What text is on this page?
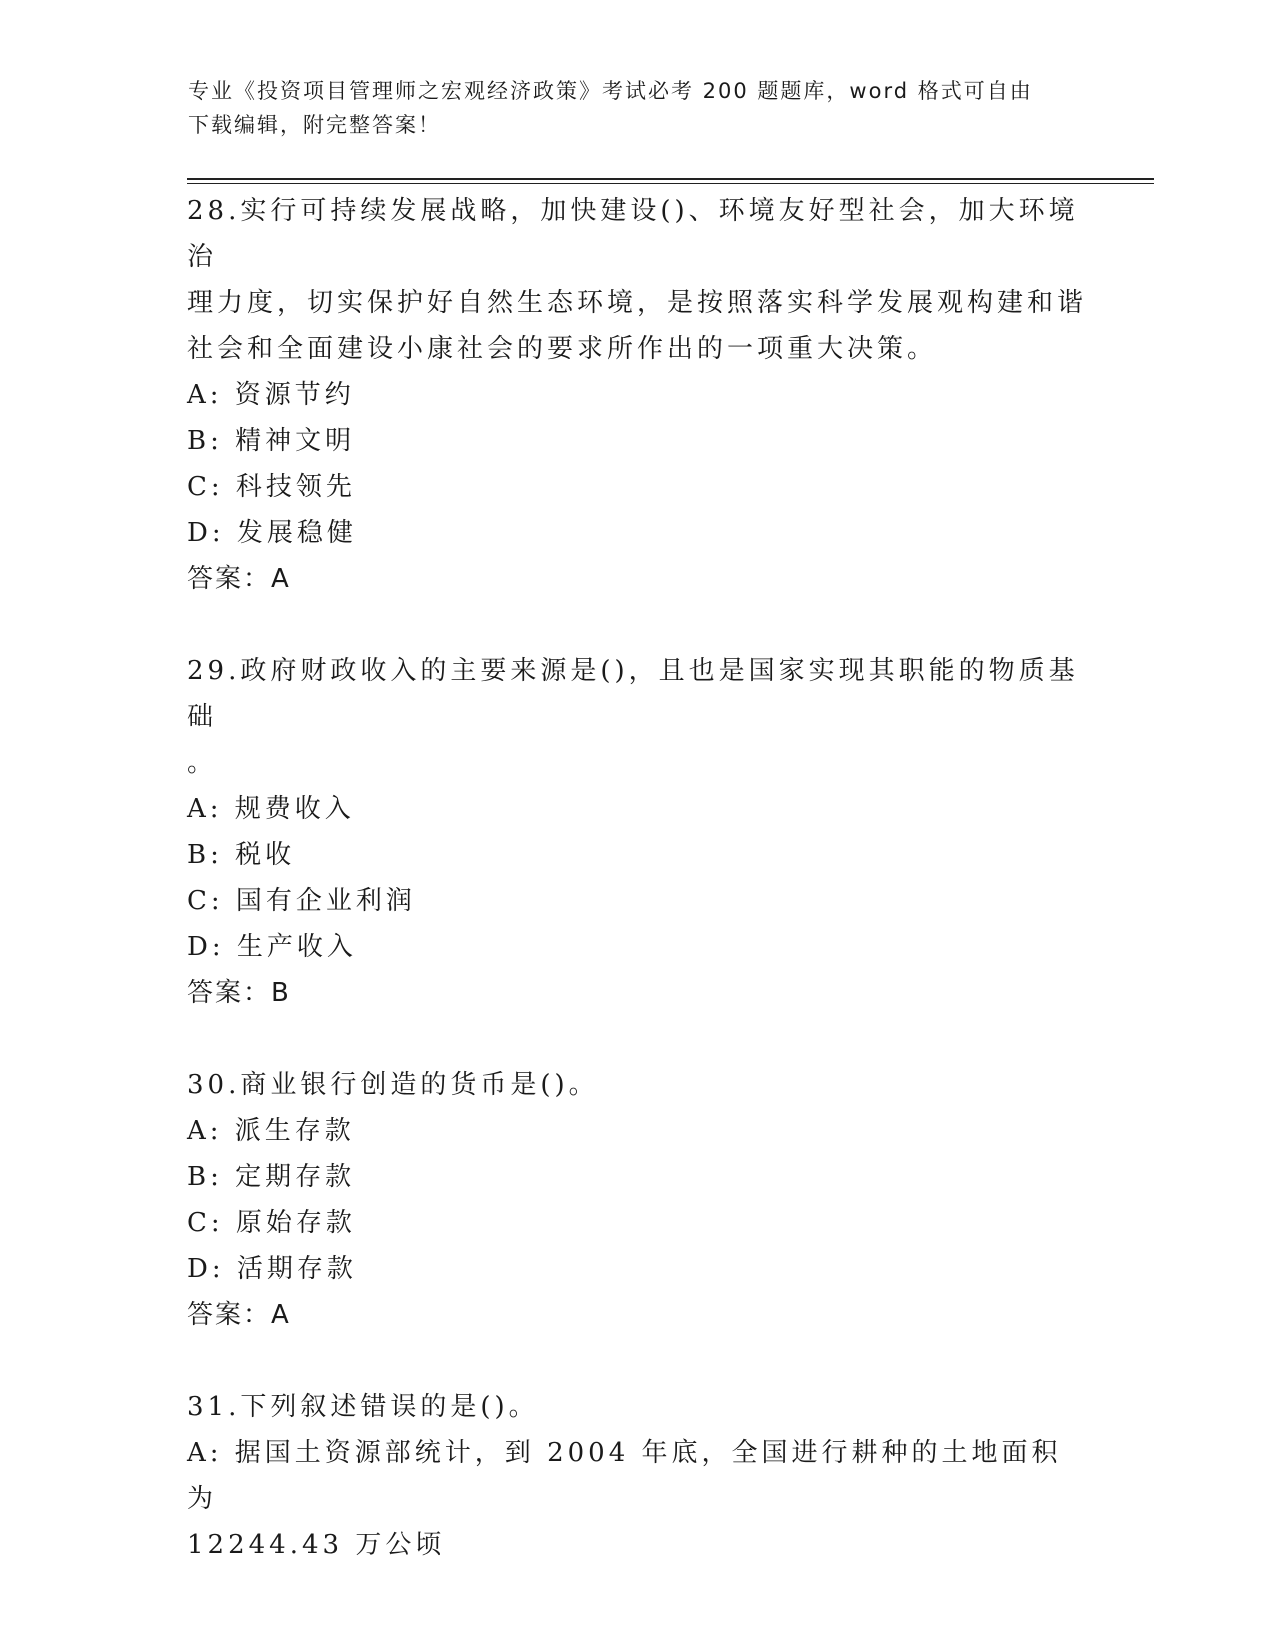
专业《投资项目管理师之宏观经济政策》考试必考 200 题题库，word 格式可自由
下载编辑，附完整答案！

28.实行可持续发展战略，加快建设()、环境友好型社会，加大环境治

理力度，切实保护好自然生态环境，是按照落实科学发展观构建和谐

社会和全面建设小康社会的要求所作出的一项重大决策。

A: 资源节约

B: 精神文明

C: 科技领先

D: 发展稳健

答案：A

29.政府财政收入的主要来源是()，且也是国家实现其职能的物质基础

。

A: 规费收入

B: 税收

C: 国有企业利润

D: 生产收入

答案：B

30.商业银行创造的货币是()。

A: 派生存款

B: 定期存款

C: 原始存款

D: 活期存款

答案：A

31.下列叙述错误的是()。

A: 据国土资源部统计，到 2004 年底，全国进行耕种的土地面积为

12244.43 万公顷
